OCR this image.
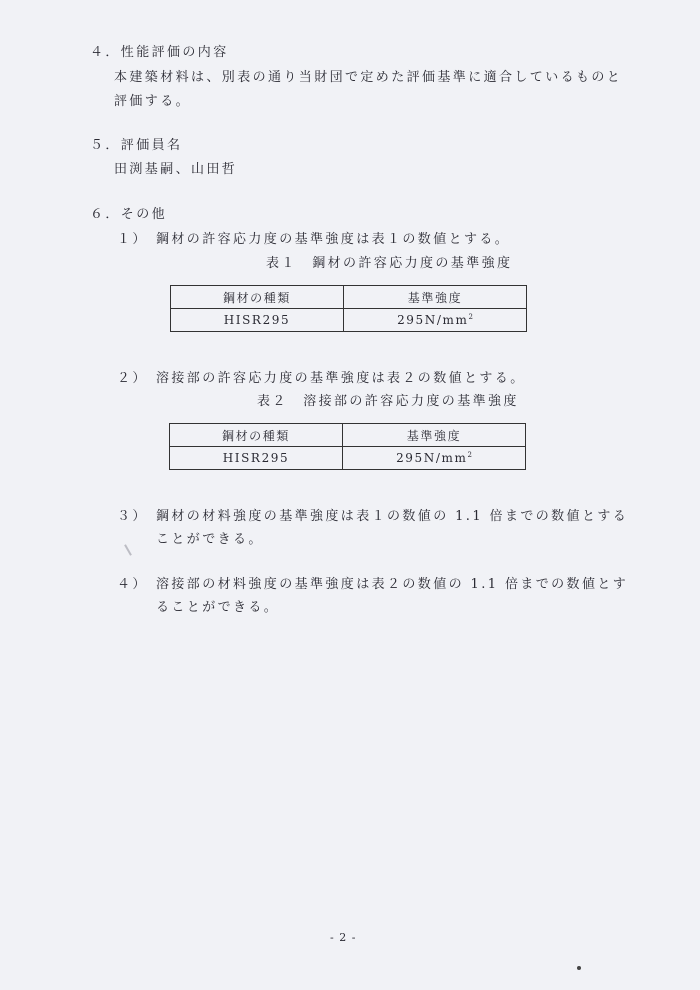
４．性能評価の内容
本建築材料は、別表の通り当財団で定めた評価基準に適合しているものと
評価する。
５．評価員名
田渕基嗣、山田哲
６．その他
１） 鋼材の許容応力度の基準強度は表１の数値とする。
表１　鋼材の許容応力度の基準強度
鋼材の種類	基準強度
HISR295	$295N/mm^2$
２） 溶接部の許容応力度の基準強度は表２の数値とする。
表２　溶接部の許容応力度の基準強度
鋼材の種類	基準強度
HISR295	$295N/mm^2$
３） 鋼材の材料強度の基準強度は表１の数値の 1.1 倍までの数値とする
ことができる。
４） 溶接部の材料強度の基準強度は表２の数値の 1.1 倍までの数値とす
ることができる。
- 2 -
